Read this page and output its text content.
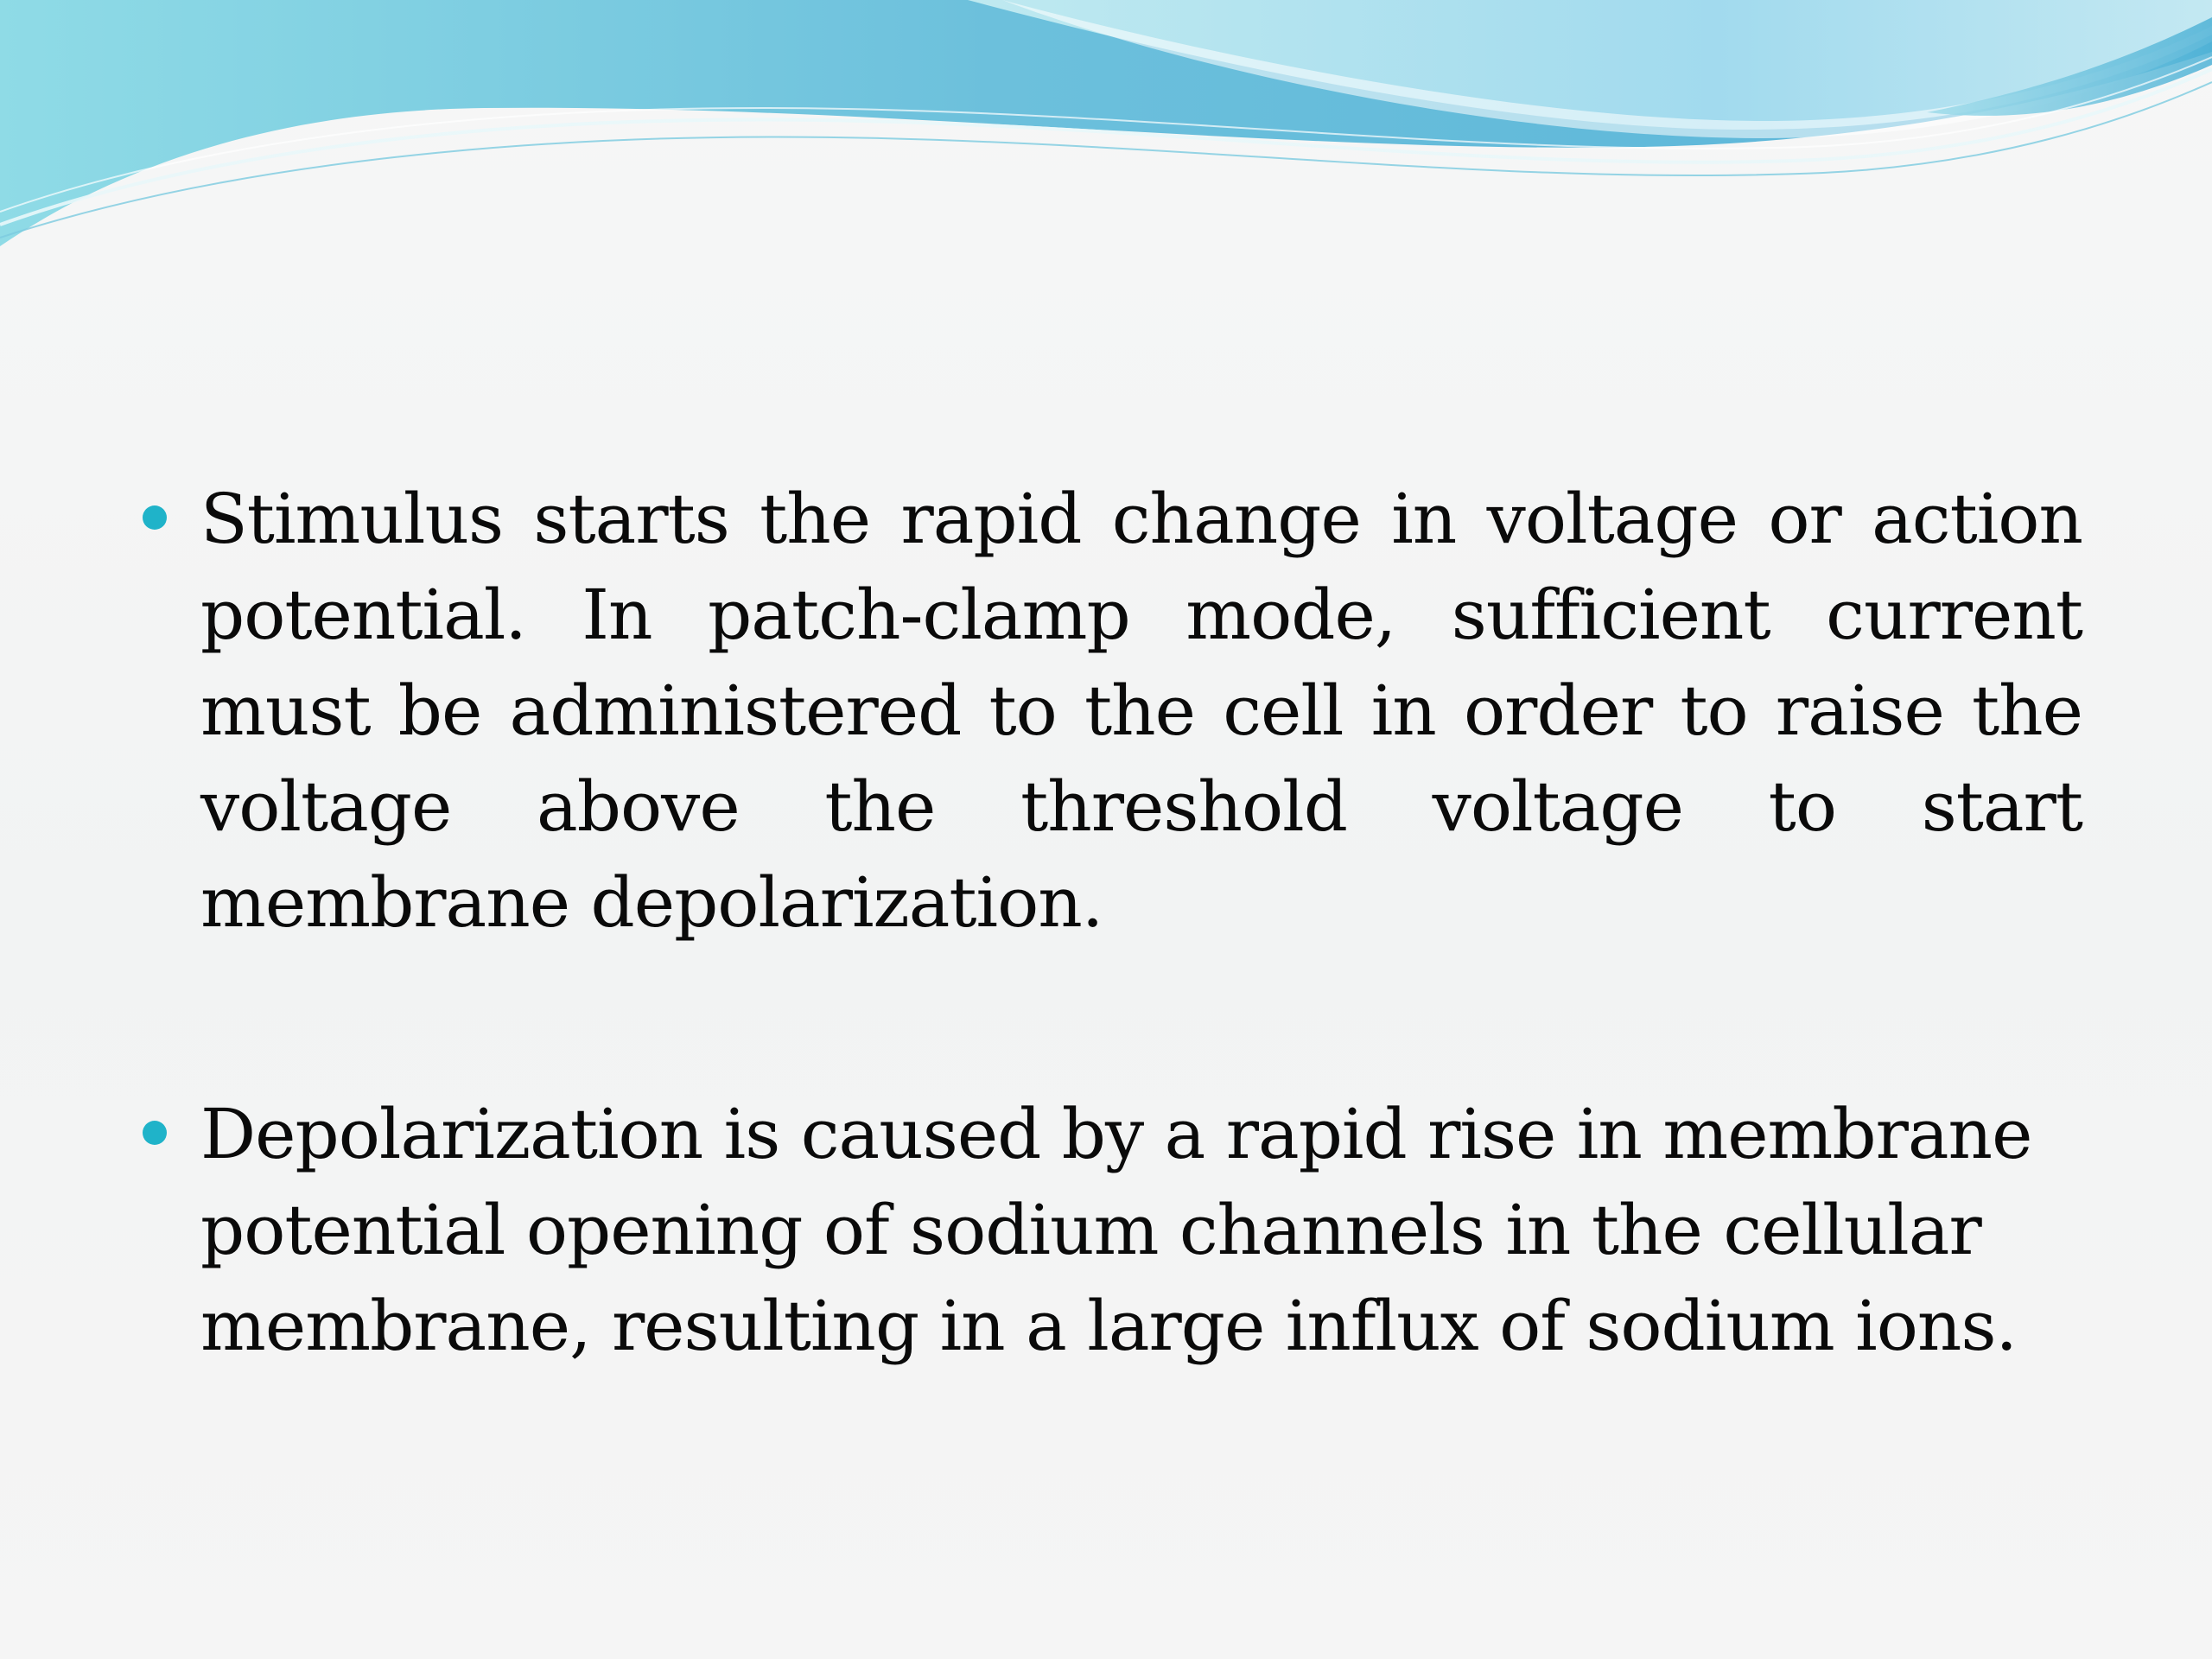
Stimulus starts the rapid change in voltage or action potential. In patch-clamp mode, sufficient current must be administered to the cell in order to raise the voltage above the threshold voltage to start membrane depolarization.
Depolarization is caused by a rapid rise in membrane potential opening of sodium channels in the cellular membrane, resulting in a large influx of sodium ions.
